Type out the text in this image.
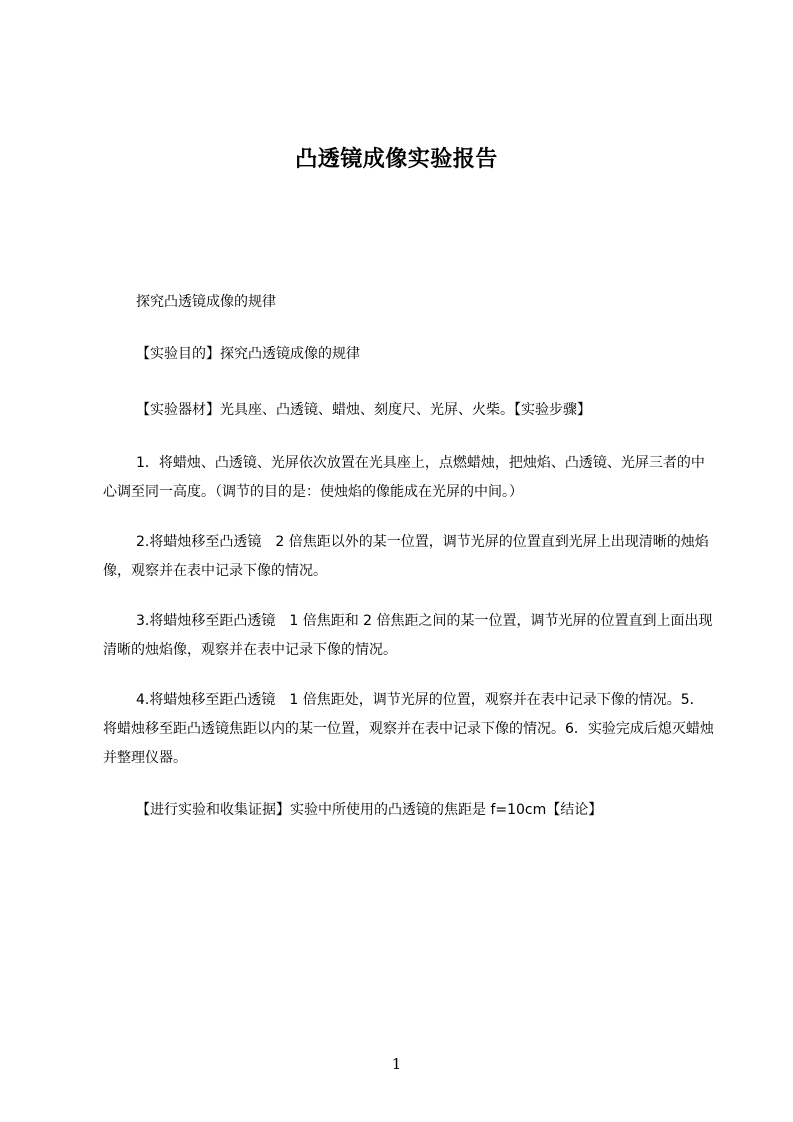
凸透镜成像实验报告
探究凸透镜成像的规律
【实验目的】探究凸透镜成像的规律
【实验器材】光具座、凸透镜、蜡烛、刻度尺、光屏、火柴。【实验步骤】
1．将蜡烛、凸透镜、光屏依次放置在光具座上，点燃蜡烛，把烛焰、凸透镜、光屏三者的中心调至同一高度。（调节的目的是：使烛焰的像能成在光屏的中间。）
2.将蜡烛移至凸透镜　2 倍焦距以外的某一位置，调节光屏的位置直到光屏上出现清晰的烛焰像，观察并在表中记录下像的情况。
3.将蜡烛移至距凸透镜　1 倍焦距和 2 倍焦距之间的某一位置，调节光屏的位置直到上面出现清晰的烛焰像，观察并在表中记录下像的情况。
4.将蜡烛移至距凸透镜　1 倍焦距处，调节光屏的位置，观察并在表中记录下像的情况。5．将蜡烛移至距凸透镜焦距以内的某一位置，观察并在表中记录下像的情况。6．实验完成后熄灭蜡烛并整理仪器。
【进行实验和收集证据】实验中所使用的凸透镜的焦距是 f=10cm【结论】
1
